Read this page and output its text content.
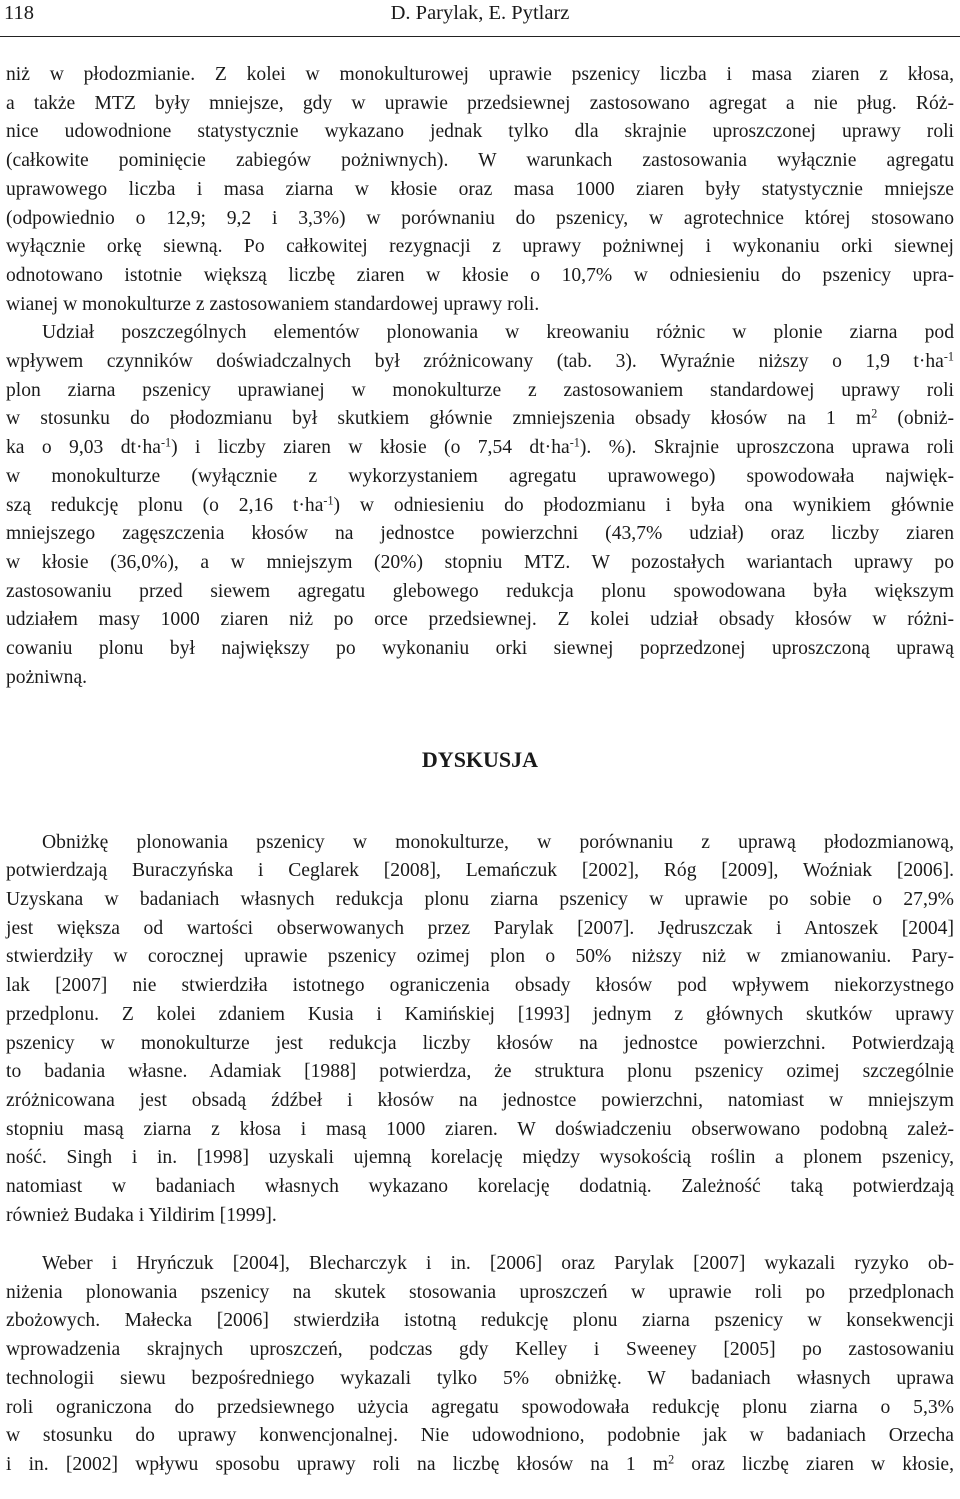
118	D. Parylak, E. Pytlarz

niż w płodozmianie. Z kolei w monokulturowej uprawie pszenicy liczba i masa ziaren z kłosa,
a także MTZ były mniejsze, gdy w uprawie przedsiewnej zastosowano agregat a nie pług. Róż-
nice udowodnione statystycznie wykazano jednak tylko dla skrajnie uproszczonej uprawy roli
(całkowite pominięcie zabiegów pożniwnych). W warunkach zastosowania wyłącznie agregatu
uprawowego liczba i masa ziarna w kłosie oraz masa 1000 ziaren były statystycznie mniejsze
(odpowiednio o 12,9; 9,2 i 3,3%) w porównaniu do pszenicy, w agrotechnice której stosowano
wyłącznie orkę siewną. Po całkowitej rezygnacji z uprawy pożniwnej i wykonaniu orki siewnej
odnotowano istotnie większą liczbę ziaren w kłosie o 10,7% w odniesieniu do pszenicy upra-
wianej w monokulturze z zastosowaniem standardowej uprawy roli.

Udział poszczególnych elementów plonowania w kreowaniu różnic w plonie ziarna pod
wpływem czynników doświadczalnych był zróżnicowany (tab. 3). Wyraźnie niższy o 1,9 $t\cdot ha^{-1}$
plon ziarna pszenicy uprawianej w monokulturze z zastosowaniem standardowej uprawy roli
w stosunku do płodozmianu był skutkiem głównie zmniejszenia obsady kłosów na 1 $m^2$ (obniż-
ka o 9,03 $dt\cdot ha^{-1}$) i liczby ziaren w kłosie (o 7,54 $dt\cdot ha^{-1}$). %). Skrajnie uproszczona uprawa roli
w monokulturze (wyłącznie z wykorzystaniem agregatu uprawowego) spowodowała najwięk-
szą redukcję plonu (o 2,16 $t\cdot ha^{-1}$) w odniesieniu do płodozmianu i była ona wynikiem głównie
mniejszego zagęszczenia kłosów na jednostce powierzchni (43,7% udział) oraz liczby ziaren
w kłosie (36,0%), a w mniejszym (20%) stopniu MTZ. W pozostałych wariantach uprawy po
zastosowaniu przed siewem agregatu glebowego redukcja plonu spowodowana była większym
udziałem masy 1000 ziaren niż po orce przedsiewnej. Z kolei udział obsady kłosów w różni-
cowaniu plonu był największy po wykonaniu orki siewnej poprzedzonej uproszczoną uprawą
pożniwną.

DYSKUSJA

Obniżkę plonowania pszenicy w monokulturze, w porównaniu z uprawą płodozmianową,
potwierdzają Buraczyńska i Ceglarek [2008], Lemańczuk [2002], Róg [2009], Woźniak [2006].
Uzyskana w badaniach własnych redukcja plonu ziarna pszenicy w uprawie po sobie o 27,9%
jest większa od wartości obserwowanych przez Parylak [2007]. Jędruszczak i Antoszek [2004]
stwierdziły w corocznej uprawie pszenicy ozimej plon o 50% niższy niż w zmianowaniu. Pary-
lak [2007] nie stwierdziła istotnego ograniczenia obsady kłosów pod wpływem niekorzystnego
przedplonu. Z kolei zdaniem Kusia i Kamińskiej [1993] jednym z głównych skutków uprawy
pszenicy w monokulturze jest redukcja liczby kłosów na jednostce powierzchni. Potwierdzają
to badania własne. Adamiak [1988] potwierdza, że struktura plonu pszenicy ozimej szczególnie
zróżnicowana jest obsadą źdźbeł i kłosów na jednostce powierzchni, natomiast w mniejszym
stopniu masą ziarna z kłosa i masą 1000 ziaren. W doświadczeniu obserwowano podobną zależ-
ność. Singh i in. [1998] uzyskali ujemną korelację między wysokością roślin a plonem pszenicy,
natomiast w badaniach własnych wykazano korelację dodatnią. Zależność taką potwierdzają
również Budaka i Yildirim [1999].

Weber i Hryńczuk [2004], Blecharczyk i in. [2006] oraz Parylak [2007] wykazali ryzyko ob-
niżenia plonowania pszenicy na skutek stosowania uproszczeń w uprawie roli po przedplonach
zbożowych. Małecka [2006] stwierdziła istotną redukcję plonu ziarna pszenicy w konsekwencji
wprowadzenia skrajnych uproszczeń, podczas gdy Kelley i Sweeney [2005] po zastosowaniu
technologii siewu bezpośredniego wykazali tylko 5% obniżkę. W badaniach własnych uprawa
roli ograniczona do przedsiewnego użycia agregatu spowodowała redukcję plonu ziarna o 5,3%
w stosunku do uprawy konwencjonalnej. Nie udowodniono, podobnie jak w badaniach Orzecha
i in. [2002] wpływu sposobu uprawy roli na liczbę kłosów na 1 $m^2$ oraz liczbę ziaren w kłosie,
